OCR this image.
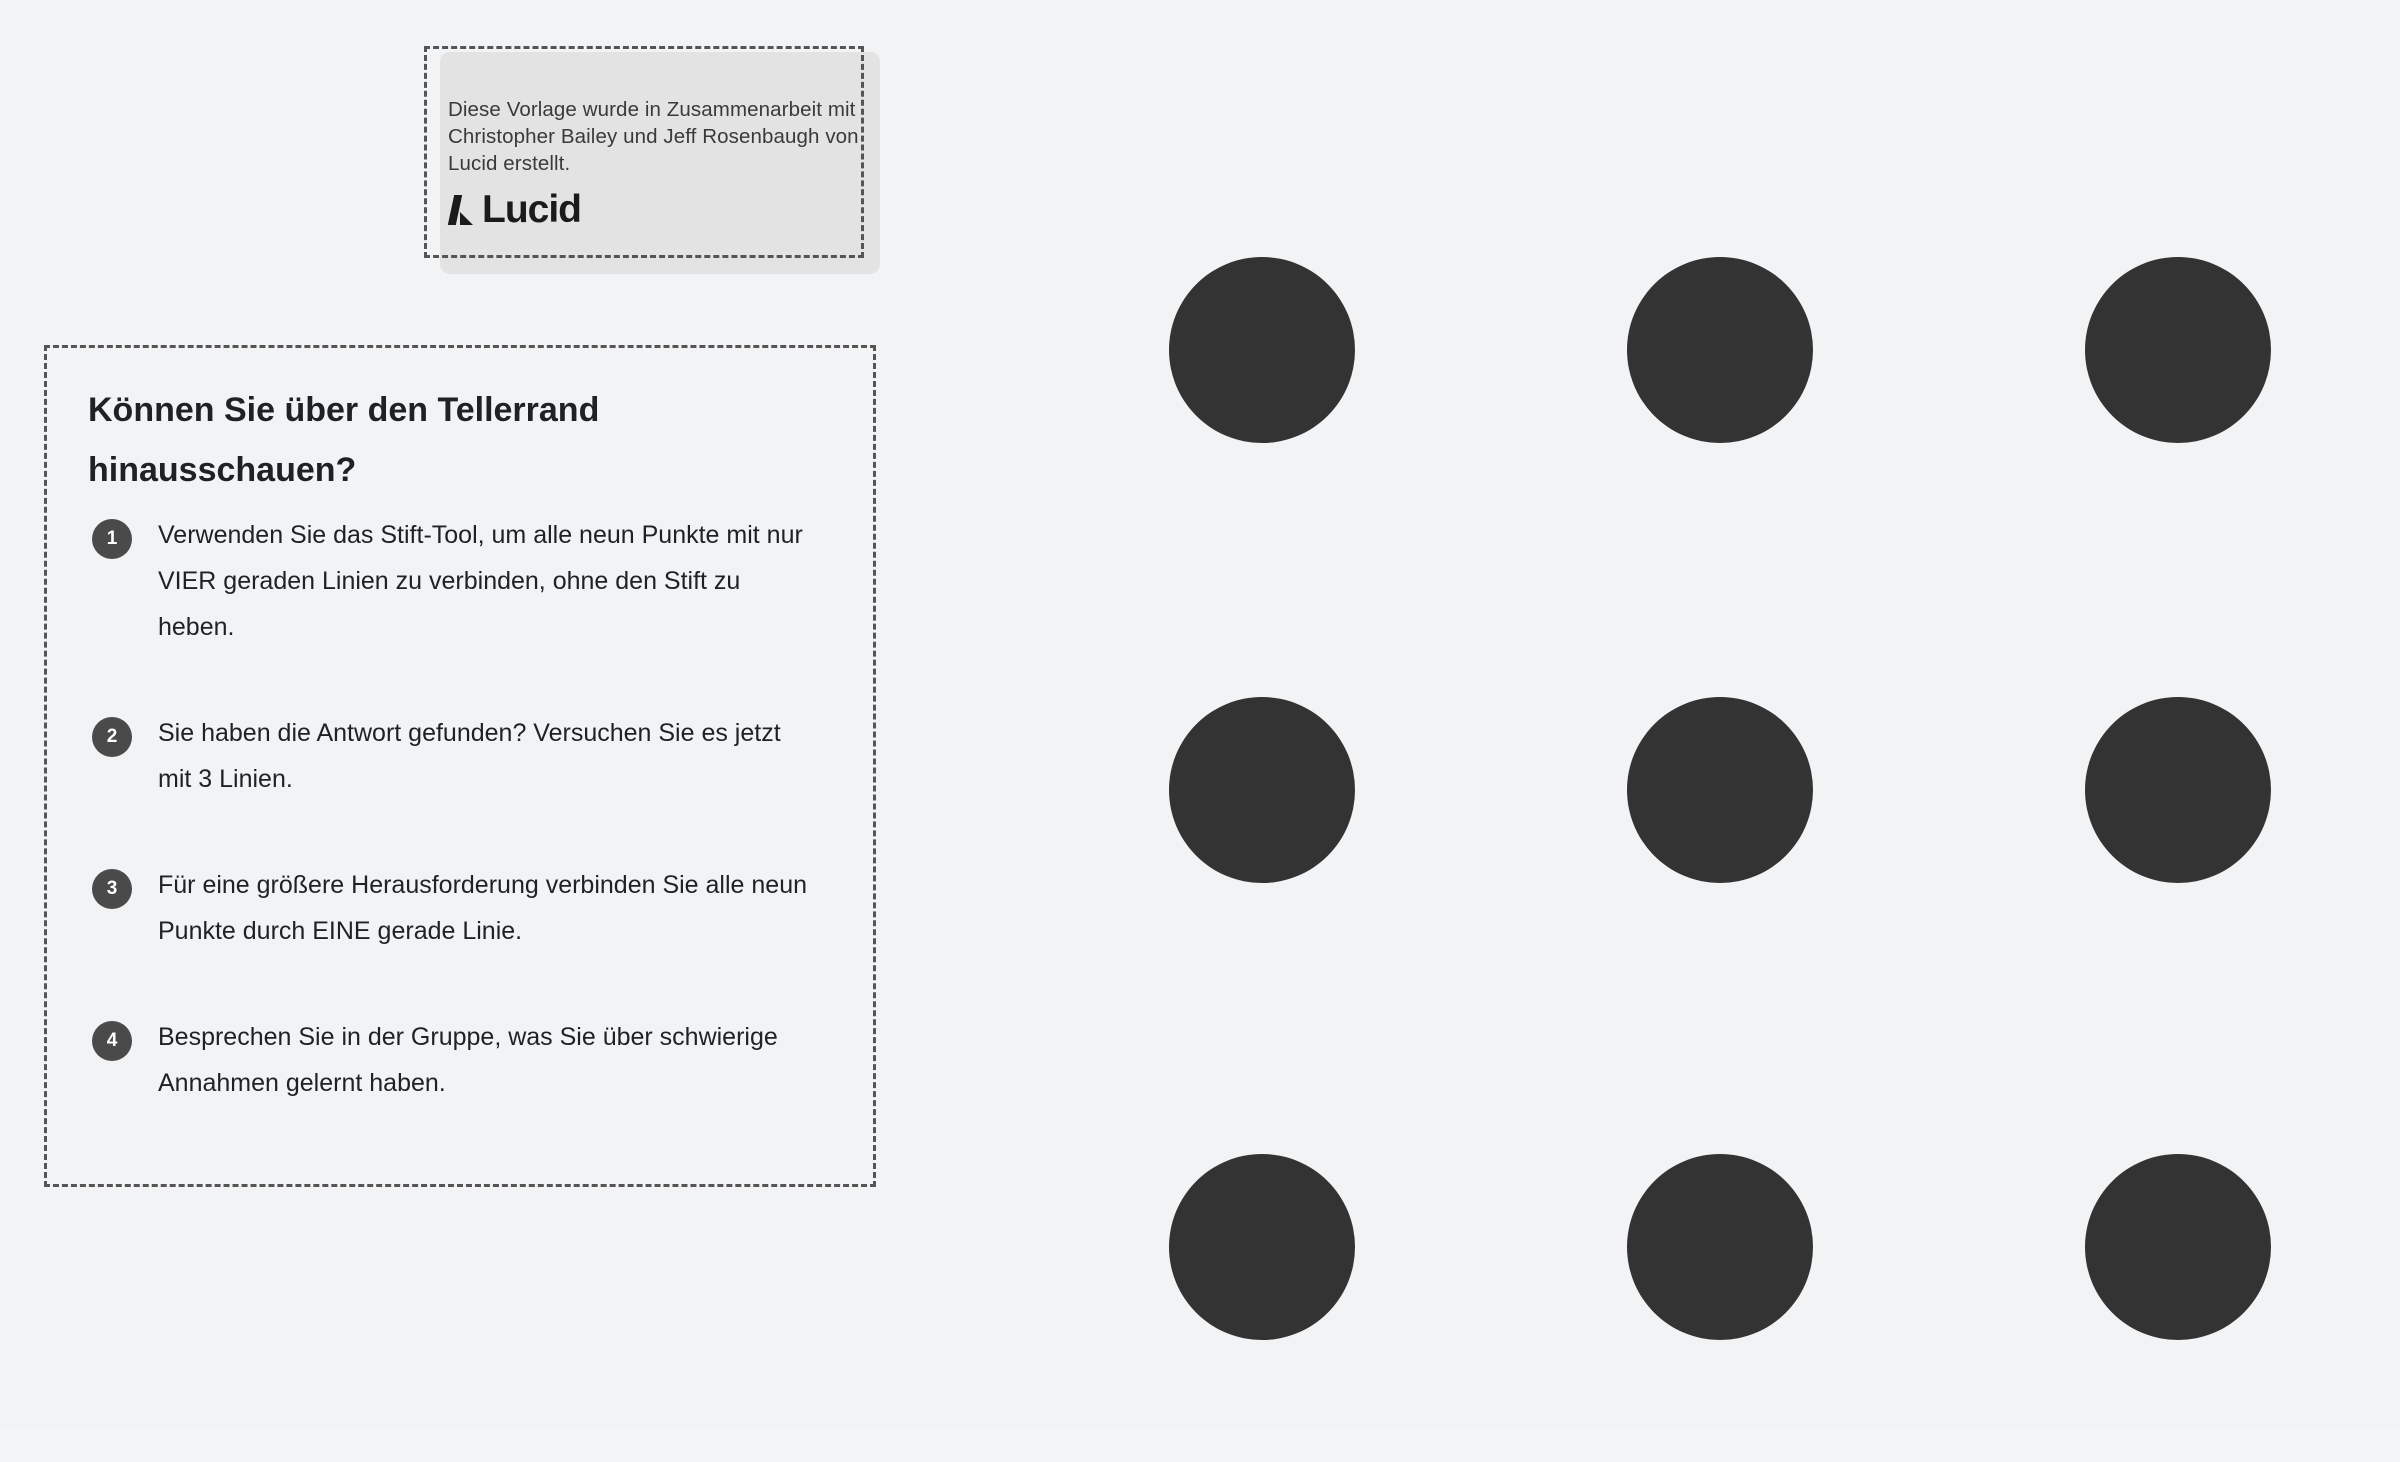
Diese Vorlage wurde in Zusammenarbeit mit Christopher Bailey und Jeff Rosenbaugh von Lucid erstellt.
Lucid
Können Sie über den Tellerrand hinausschauen?
1	Verwenden Sie das Stift-Tool, um alle neun Punkte mit nur VIER geraden Linien zu verbinden, ohne den Stift zu heben.
2	Sie haben die Antwort gefunden? Versuchen Sie es jetzt mit 3 Linien.
3	Für eine größere Herausforderung verbinden Sie alle neun Punkte durch EINE gerade Linie.
4	Besprechen Sie in der Gruppe, was Sie über schwierige Annahmen gelernt haben.
